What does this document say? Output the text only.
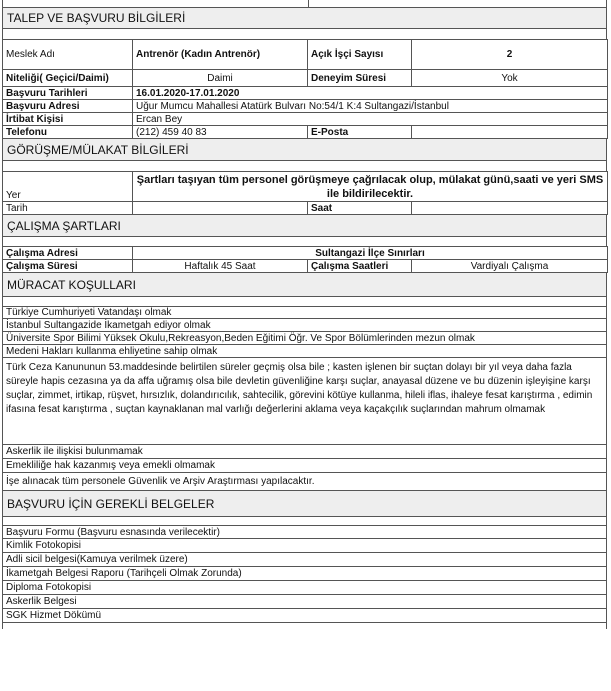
TALEP VE BAŞVURU BİLGİLERİ
Meslek Adı	Antrenör (Kadın Antrenör)	Açık İşçi Sayısı	2
Niteliği( Geçici/Daimi)	Daimi	Deneyim Süresi	Yok
Başvuru Tarihleri	16.01.2020-17.01.2020		
Başvuru Adresi	Uğur Mumcu Mahallesi Atatürk Bulvarı No:54/1 K:4 Sultangazi/İstanbul		
İrtibat Kişisi	Ercan Bey		
Telefonu	(212) 459 40 83	E-Posta	
GÖRÜŞME/MÜLAKAT BİLGİLERİ
Yer	Şartları taşıyan tüm personel görüşmeye çağrılacak olup, mülakat günü,saati ve yeri SMS ile bildirilecektir.		
Tarih		Saat	
ÇALIŞMA ŞARTLARI
Çalışma Adresi	Sultangazi İlçe Sınırları		
Çalışma Süresi	Haftalık 45 Saat	Çalışma Saatleri	Vardiyalı Çalışma
MÜRACAT KOŞULLARI
Türkiye Cumhuriyeti Vatandaşı olmak
İstanbul Sultangazide İkametgah ediyor olmak
Üniversite Spor Bilimi Yüksek Okulu,Rekreasyon,Beden Eğitimi Öğr. Ve Spor Bölümlerinden mezun olmak
Medeni Hakları kullanma ehliyetine sahip olmak
Türk Ceza Kanununun 53.maddesinde belirtilen süreler geçmiş olsa bile ; kasten işlenen bir suçtan dolayı bir yıl veya daha fazla süreyle hapis cezasına ya da affa uğramış olsa bile devletin güvenliğine karşı suçlar, anayasal düzene ve bu düzenin işleyişine karşı suçlar, zimmet, irtikap, rüşvet, hırsızlık, dolandırıcılık, sahtecilik, görevini kötüye kullanma, hileli iflas, ihaleye fesat karıştırma , edimin ifasına fesat karıştırma , suçtan kaynaklanan mal varlığı değerlerini aklama veya kaçakçılık suçlarından mahrum olmamak
Askerlik ile ilişkisi bulunmamak
Emekliliğe hak kazanmış veya emekli olmamak
İşe alınacak tüm personele Güvenlik ve Arşiv Araştırması yapılacaktır.
BAŞVURU İÇİN GEREKLİ BELGELER
Başvuru Formu (Başvuru esnasında verilecektir)
Kimlik Fotokopisi
Adli sicil belgesi(Kamuya verilmek üzere)
İkametgah Belgesi Raporu (Tarihçeli Olmak Zorunda)
Diploma Fotokopisi
Askerlik Belgesi
SGK Hizmet Dökümü
